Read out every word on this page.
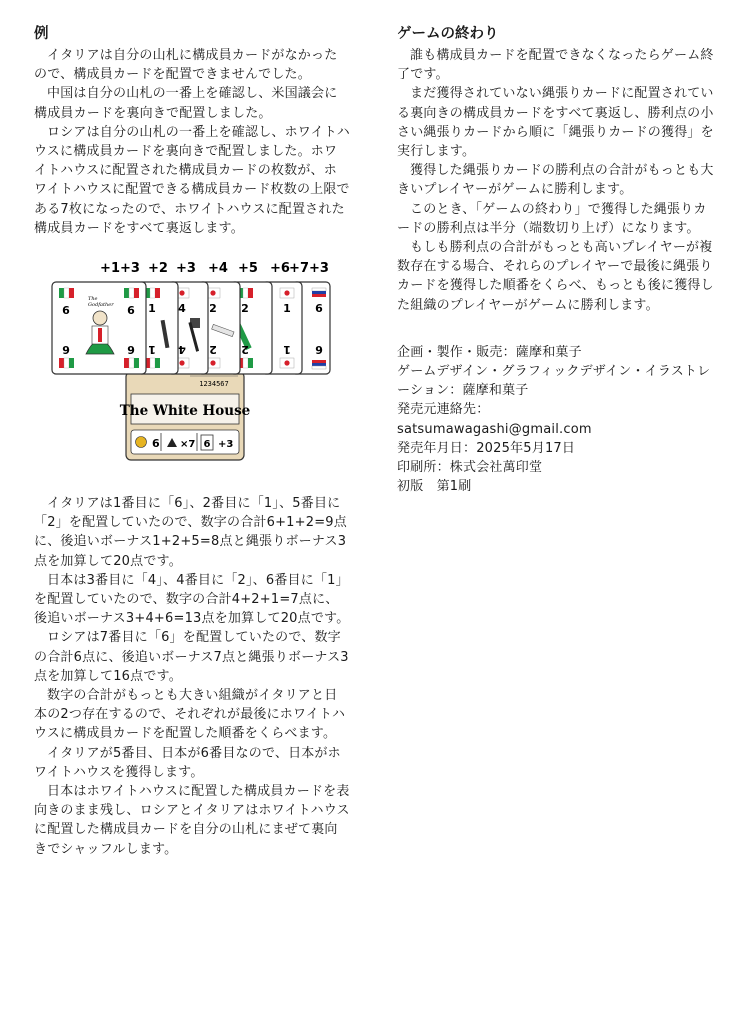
例

イタリアは自分の山札に構成員カードがなかったので、構成員カードを配置できませんでした。

中国は自分の山札の一番上を確認し、米国議会に構成員カードを裏向きで配置しました。

ロシアは自分の山札の一番上を確認し、ホワイトハウスに構成員カードを裏向きで配置しました。ホワイトハウスに配置された構成員カードの枚数が、ホワイトハウスに配置できる構成員カード枚数の上限である7枚になったので、ホワイトハウスに配置された構成員カードをすべて裏返します。

+1+3 +2 +3 +4 +5 +6 +7+3
1234567
The White House
6 ×7 6 +3
6
6
1
1
2
2
2
2
4
4
1
1
6	6
The
Godfather
6	6

イタリアは1番目に「6」、2番目に「1」、5番目に「2」を配置していたので、数字の合計6+1+2=9点に、後追いボーナス1+2+5=8点と縄張りボーナス3点を加算して20点です。

日本は3番目に「4」、4番目に「2」、6番目に「1」を配置していたので、数字の合計4+2+1=7点に、後追いボーナス3+4+6=13点を加算して20点です。

ロシアは7番目に「6」を配置していたので、数字の合計6点に、後追いボーナス7点と縄張りボーナス3点を加算して16点です。

数字の合計がもっとも大きい組織がイタリアと日本の2つ存在するので、それぞれが最後にホワイトハウスに構成員カードを配置した順番をくらべます。

イタリアが5番目、日本が6番目なので、日本がホワイトハウスを獲得します。

日本はホワイトハウスに配置した構成員カードを表向きのまま残し、ロシアとイタリアはホワイトハウスに配置した構成員カードを自分の山札にまぜて裏向きでシャッフルします。

ゲームの終わり

誰も構成員カードを配置できなくなったらゲーム終了です。

まだ獲得されていない縄張りカードに配置されている裏向きの構成員カードをすべて裏返し、勝利点の小さい縄張りカードから順に「縄張りカードの獲得」を実行します。

獲得した縄張りカードの勝利点の合計がもっとも大きいプレイヤーがゲームに勝利します。

このとき、「ゲームの終わり」で獲得した縄張りカードの勝利点は半分（端数切り上げ）になります。

もしも勝利点の合計がもっとも高いプレイヤーが複数存在する場合、それらのプレイヤーで最後に縄張りカードを獲得した順番をくらべ、もっとも後に獲得した組織のプレイヤーがゲームに勝利します。

企画・製作・販売：薩摩和菓子

ゲームデザイン・グラフィックデザイン・イラストレーション：薩摩和菓子

発売元連絡先：

satsumawagashi@gmail.com

発売年月日：2025年5月17日

印刷所：株式会社萬印堂

初版　第1刷
